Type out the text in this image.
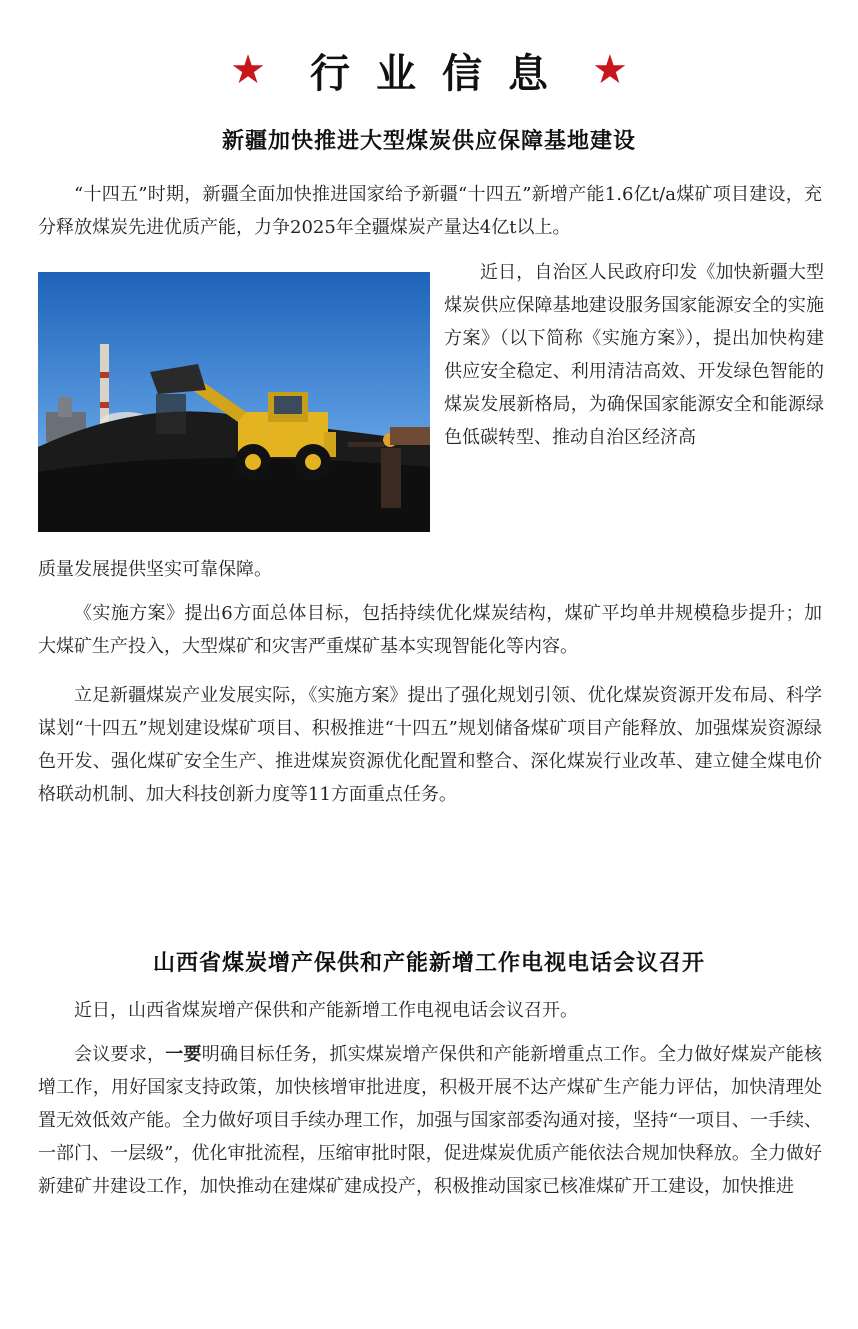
★ 行业信息 ★
新疆加快推进大型煤炭供应保障基地建设

“十四五”时期，新疆全面加快推进国家给予新疆“十四五”新增产能1.6亿t/a煤矿项目建设，充分释放煤炭先进优质产能，力争2025年全疆煤炭产量达4亿t以上。

近日，自治区人民政府印发《加快新疆大型煤炭供应保障基地建设服务国家能源安全的实施方案》（以下简称《实施方案》），提出加快构建供应安全稳定、利用清洁高效、开发绿色智能的煤炭发展新格局，为确保国家能源安全和能源绿色低碳转型、推动自治区经济高

质量发展提供坚实可靠保障。

《实施方案》提出6方面总体目标，包括持续优化煤炭结构，煤矿平均单井规模稳步提升；加大煤矿生产投入，大型煤矿和灾害严重煤矿基本实现智能化等内容。

立足新疆煤炭产业发展实际，《实施方案》提出了强化规划引领、优化煤炭资源开发布局、科学谋划“十四五”规划建设煤矿项目、积极推进“十四五”规划储备煤矿项目产能释放、加强煤炭资源绿色开发、强化煤矿安全生产、推进煤炭资源优化配置和整合、深化煤炭行业改革、建立健全煤电价格联动机制、加大科技创新力度等11方面重点任务。

山西省煤炭增产保供和产能新增工作电视电话会议召开

近日，山西省煤炭增产保供和产能新增工作电视电话会议召开。

会议要求，一要明确目标任务，抓实煤炭增产保供和产能新增重点工作。全力做好煤炭产能核增工作，用好国家支持政策，加快核增审批进度，积极开展不达产煤矿生产能力评估，加快清理处置无效低效产能。全力做好项目手续办理工作，加强与国家部委沟通对接，坚持“一项目、一手续、一部门、一层级”，优化审批流程，压缩审批时限，促进煤炭优质产能依法合规加快释放。全力做好新建矿井建设工作，加快推动在建煤矿建成投产，积极推动国家已核准煤矿开工建设，加快推进
